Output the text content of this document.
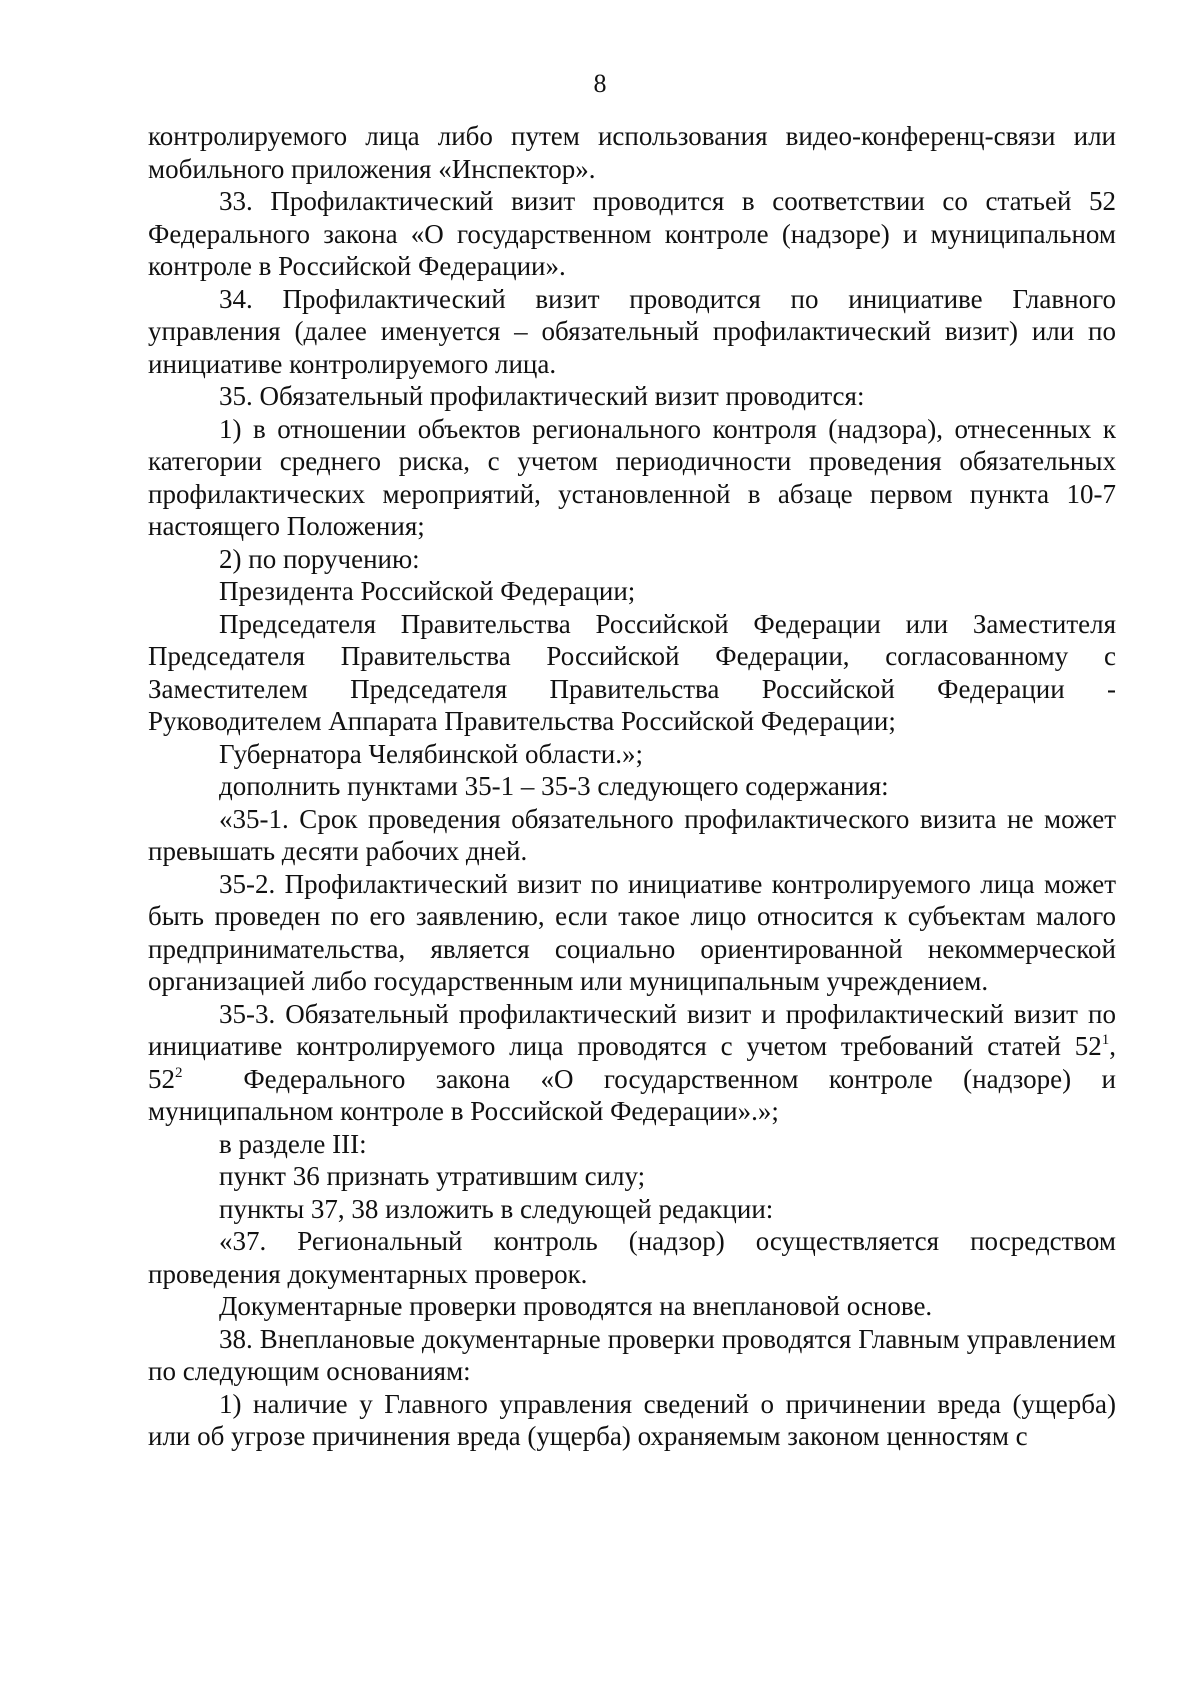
8

контролируемого лица либо путем использования видео-конференц-связи или мобильного приложения «Инспектор».

33. Профилактический визит проводится в соответствии со статьей 52 Федерального закона «О государственном контроле (надзоре) и муниципальном контроле в Российской Федерации».

34. Профилактический визит проводится по инициативе Главного управления (далее именуется – обязательный профилактический визит) или по инициативе контролируемого лица.

35. Обязательный профилактический визит проводится:

1) в отношении объектов регионального контроля (надзора), отнесенных к категории среднего риска, с учетом периодичности проведения обязательных профилактических мероприятий, установленной в абзаце первом пункта 10-7 настоящего Положения;

2) по поручению:

Президента Российской Федерации;

Председателя Правительства Российской Федерации или Заместителя Председателя Правительства Российской Федерации, согласованному с Заместителем Председателя Правительства Российской Федерации - Руководителем Аппарата Правительства Российской Федерации;

Губернатора Челябинской области.»;

дополнить пунктами 35-1 – 35-3 следующего содержания:

«35-1. Срок проведения обязательного профилактического визита не может превышать десяти рабочих дней.

35-2. Профилактический визит по инициативе контролируемого лица может быть проведен по его заявлению, если такое лицо относится к субъектам малого предпринимательства, является социально ориентированной некоммерческой организацией либо государственным или муниципальным учреждением.

35-3. Обязательный профилактический визит и профилактический визит по инициативе контролируемого лица проводятся с учетом требований статей $52^1$, $52^2$ Федерального закона «О государственном контроле (надзоре) и муниципальном контроле в Российской Федерации».»;

в разделе III:

пункт 36 признать утратившим силу;

пункты 37, 38 изложить в следующей редакции:

«37. Региональный контроль (надзор) осуществляется посредством проведения документарных проверок.

Документарные проверки проводятся на внеплановой основе.

38. Внеплановые документарные проверки проводятся Главным управлением по следующим основаниям:

1) наличие у Главного управления сведений о причинении вреда (ущерба) или об угрозе причинения вреда (ущерба) охраняемым законом ценностям с
